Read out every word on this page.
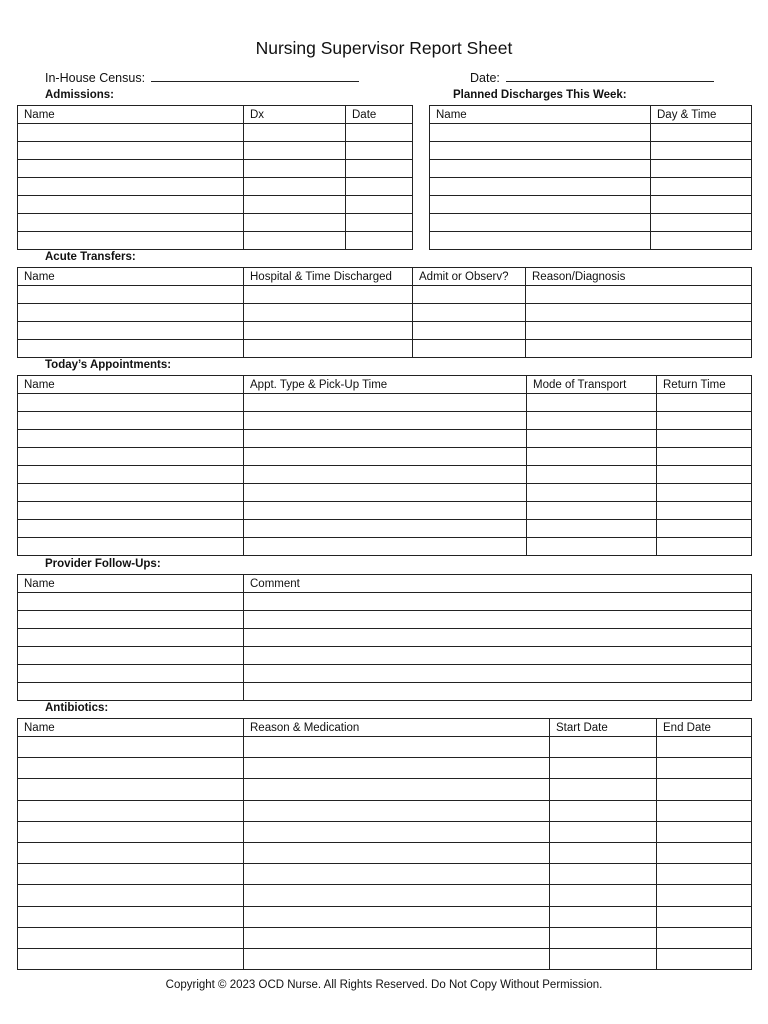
Nursing Supervisor Report Sheet
In-House Census:	Date:
Admissions:
Name	Dx	Date

Planned Discharges This Week:
Name	Day & Time

Acute Transfers:
Name	Hospital & Time Discharged	Admit or Observ?	Reason/Diagnosis

Today’s Appointments:
Name	Appt. Type & Pick-Up Time	Mode of Transport	Return Time

Provider Follow-Ups:
Name	Comment

Antibiotics:
Name	Reason & Medication	Start Date	End Date

Copyright © 2023 OCD Nurse. All Rights Reserved. Do Not Copy Without Permission.
